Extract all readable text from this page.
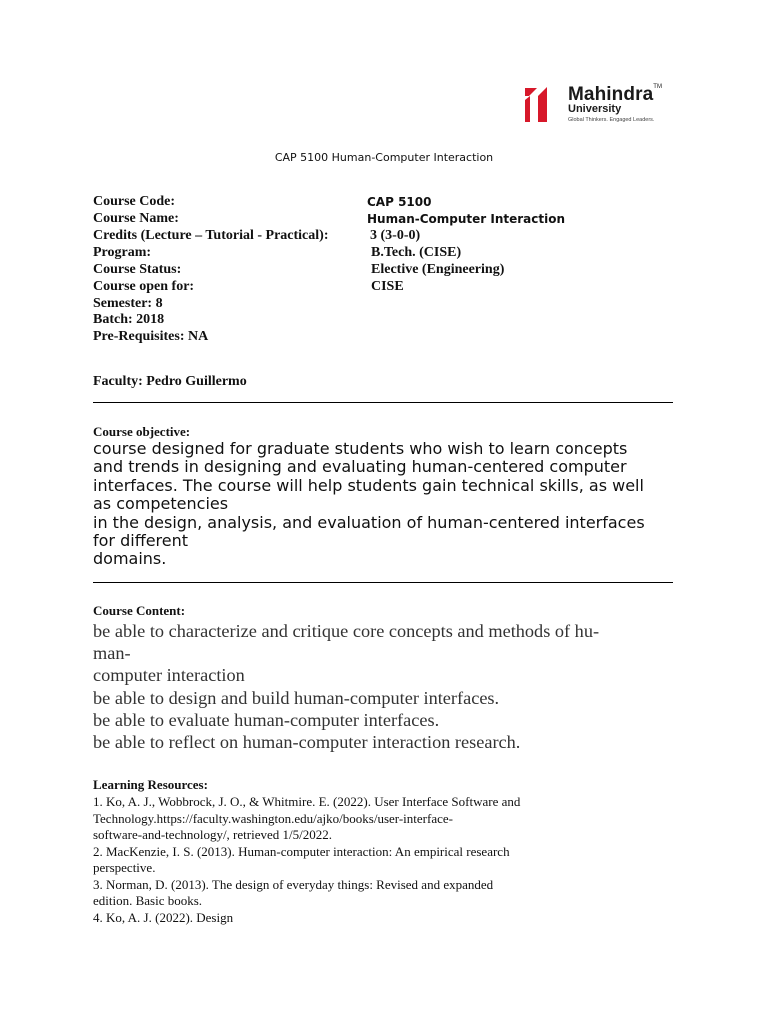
Mahindra™
University
Global Thinkers. Engaged Leaders.
CAP 5100 Human-Computer Interaction
Course Code:	CAP 5100
Course Name:	Human-Computer Interaction
Credits (Lecture – Tutorial - Practical):	3 (3-0-0)
Program:	B.Tech. (CISE)
Course Status:	Elective (Engineering)
Course open for:	CISE
Semester: 8
Batch: 2018
Pre-Requisites: NA
Faculty: Pedro Guillermo
Course objective:
course designed for graduate students who wish to learn concepts
and trends in designing and evaluating human-centered computer
interfaces. The course will help students gain technical skills, as well
as competencies
in the design, analysis, and evaluation of human-centered interfaces
for different
domains.
Course Content:
be able to characterize and critique core concepts and methods of hu-
man-
computer interaction
be able to design and build human-computer interfaces.
be able to evaluate human-computer interfaces.
be able to reflect on human-computer interaction research.
Learning Resources:
1. Ko, A. J., Wobbrock, J. O., & Whitmire. E. (2022). User Interface Software and
Technology.https://faculty.washington.edu/ajko/books/user-interface-
software-and-technology/, retrieved 1/5/2022.
2. MacKenzie, I. S. (2013). Human-computer interaction: An empirical research
perspective.
3. Norman, D. (2013). The design of everyday things: Revised and expanded
edition. Basic books.
4. Ko, A. J. (2022). Design
